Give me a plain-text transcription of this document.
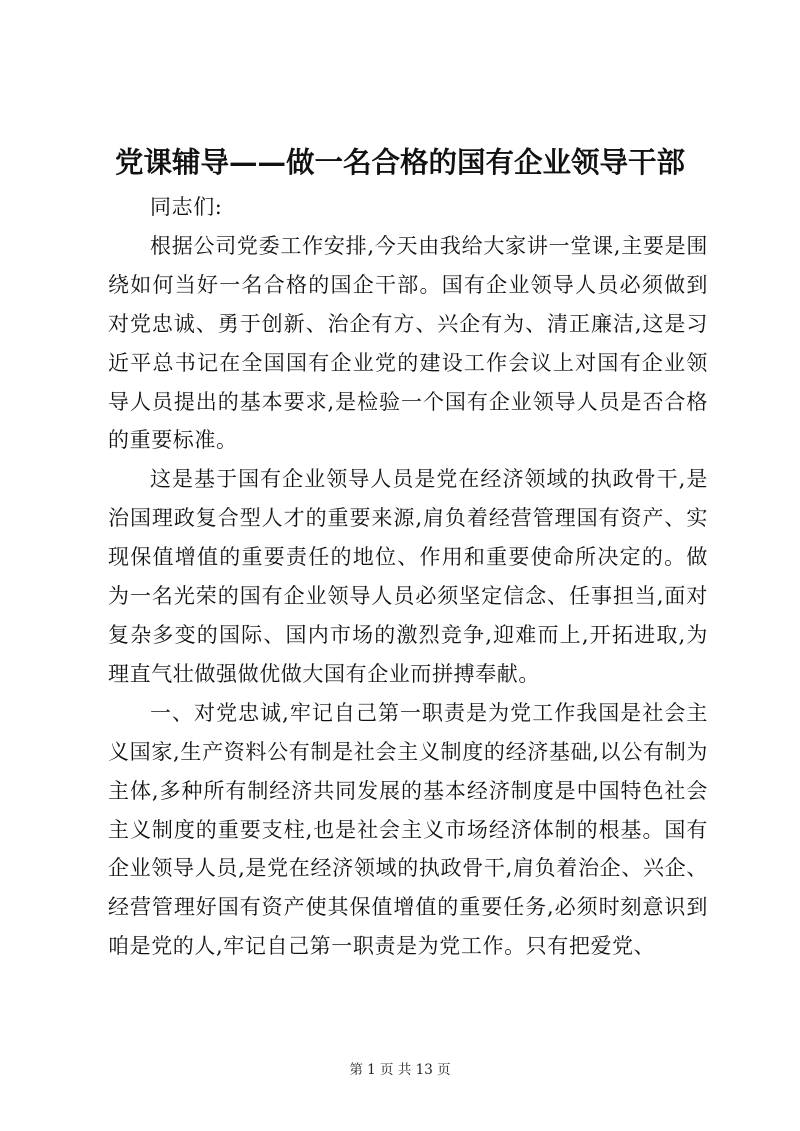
党课辅导——做一名合格的国有企业领导干部

同志们:

根据公司党委工作安排,今天由我给大家讲一堂课,主要是围绕如何当好一名合格的国企干部。国有企业领导人员必须做到对党忠诚、勇于创新、治企有方、兴企有为、清正廉洁,这是习近平总书记在全国国有企业党的建设工作会议上对国有企业领导人员提出的基本要求,是检验一个国有企业领导人员是否合格的重要标准。

这是基于国有企业领导人员是党在经济领域的执政骨干,是治国理政复合型人才的重要来源,肩负着经营管理国有资产、实现保值增值的重要责任的地位、作用和重要使命所决定的。做为一名光荣的国有企业领导人员必须坚定信念、任事担当,面对复杂多变的国际、国内市场的激烈竞争,迎难而上,开拓进取,为理直气壮做强做优做大国有企业而拼搏奉献。

一、对党忠诚,牢记自己第一职责是为党工作我国是社会主义国家,生产资料公有制是社会主义制度的经济基础,以公有制为主体,多种所有制经济共同发展的基本经济制度是中国特色社会主义制度的重要支柱,也是社会主义市场经济体制的根基。国有企业领导人员,是党在经济领域的执政骨干,肩负着治企、兴企、经营管理好国有资产使其保值增值的重要任务,必须时刻意识到咱是党的人,牢记自己第一职责是为党工作。只有把爱党、

第 1 页 共 13 页
